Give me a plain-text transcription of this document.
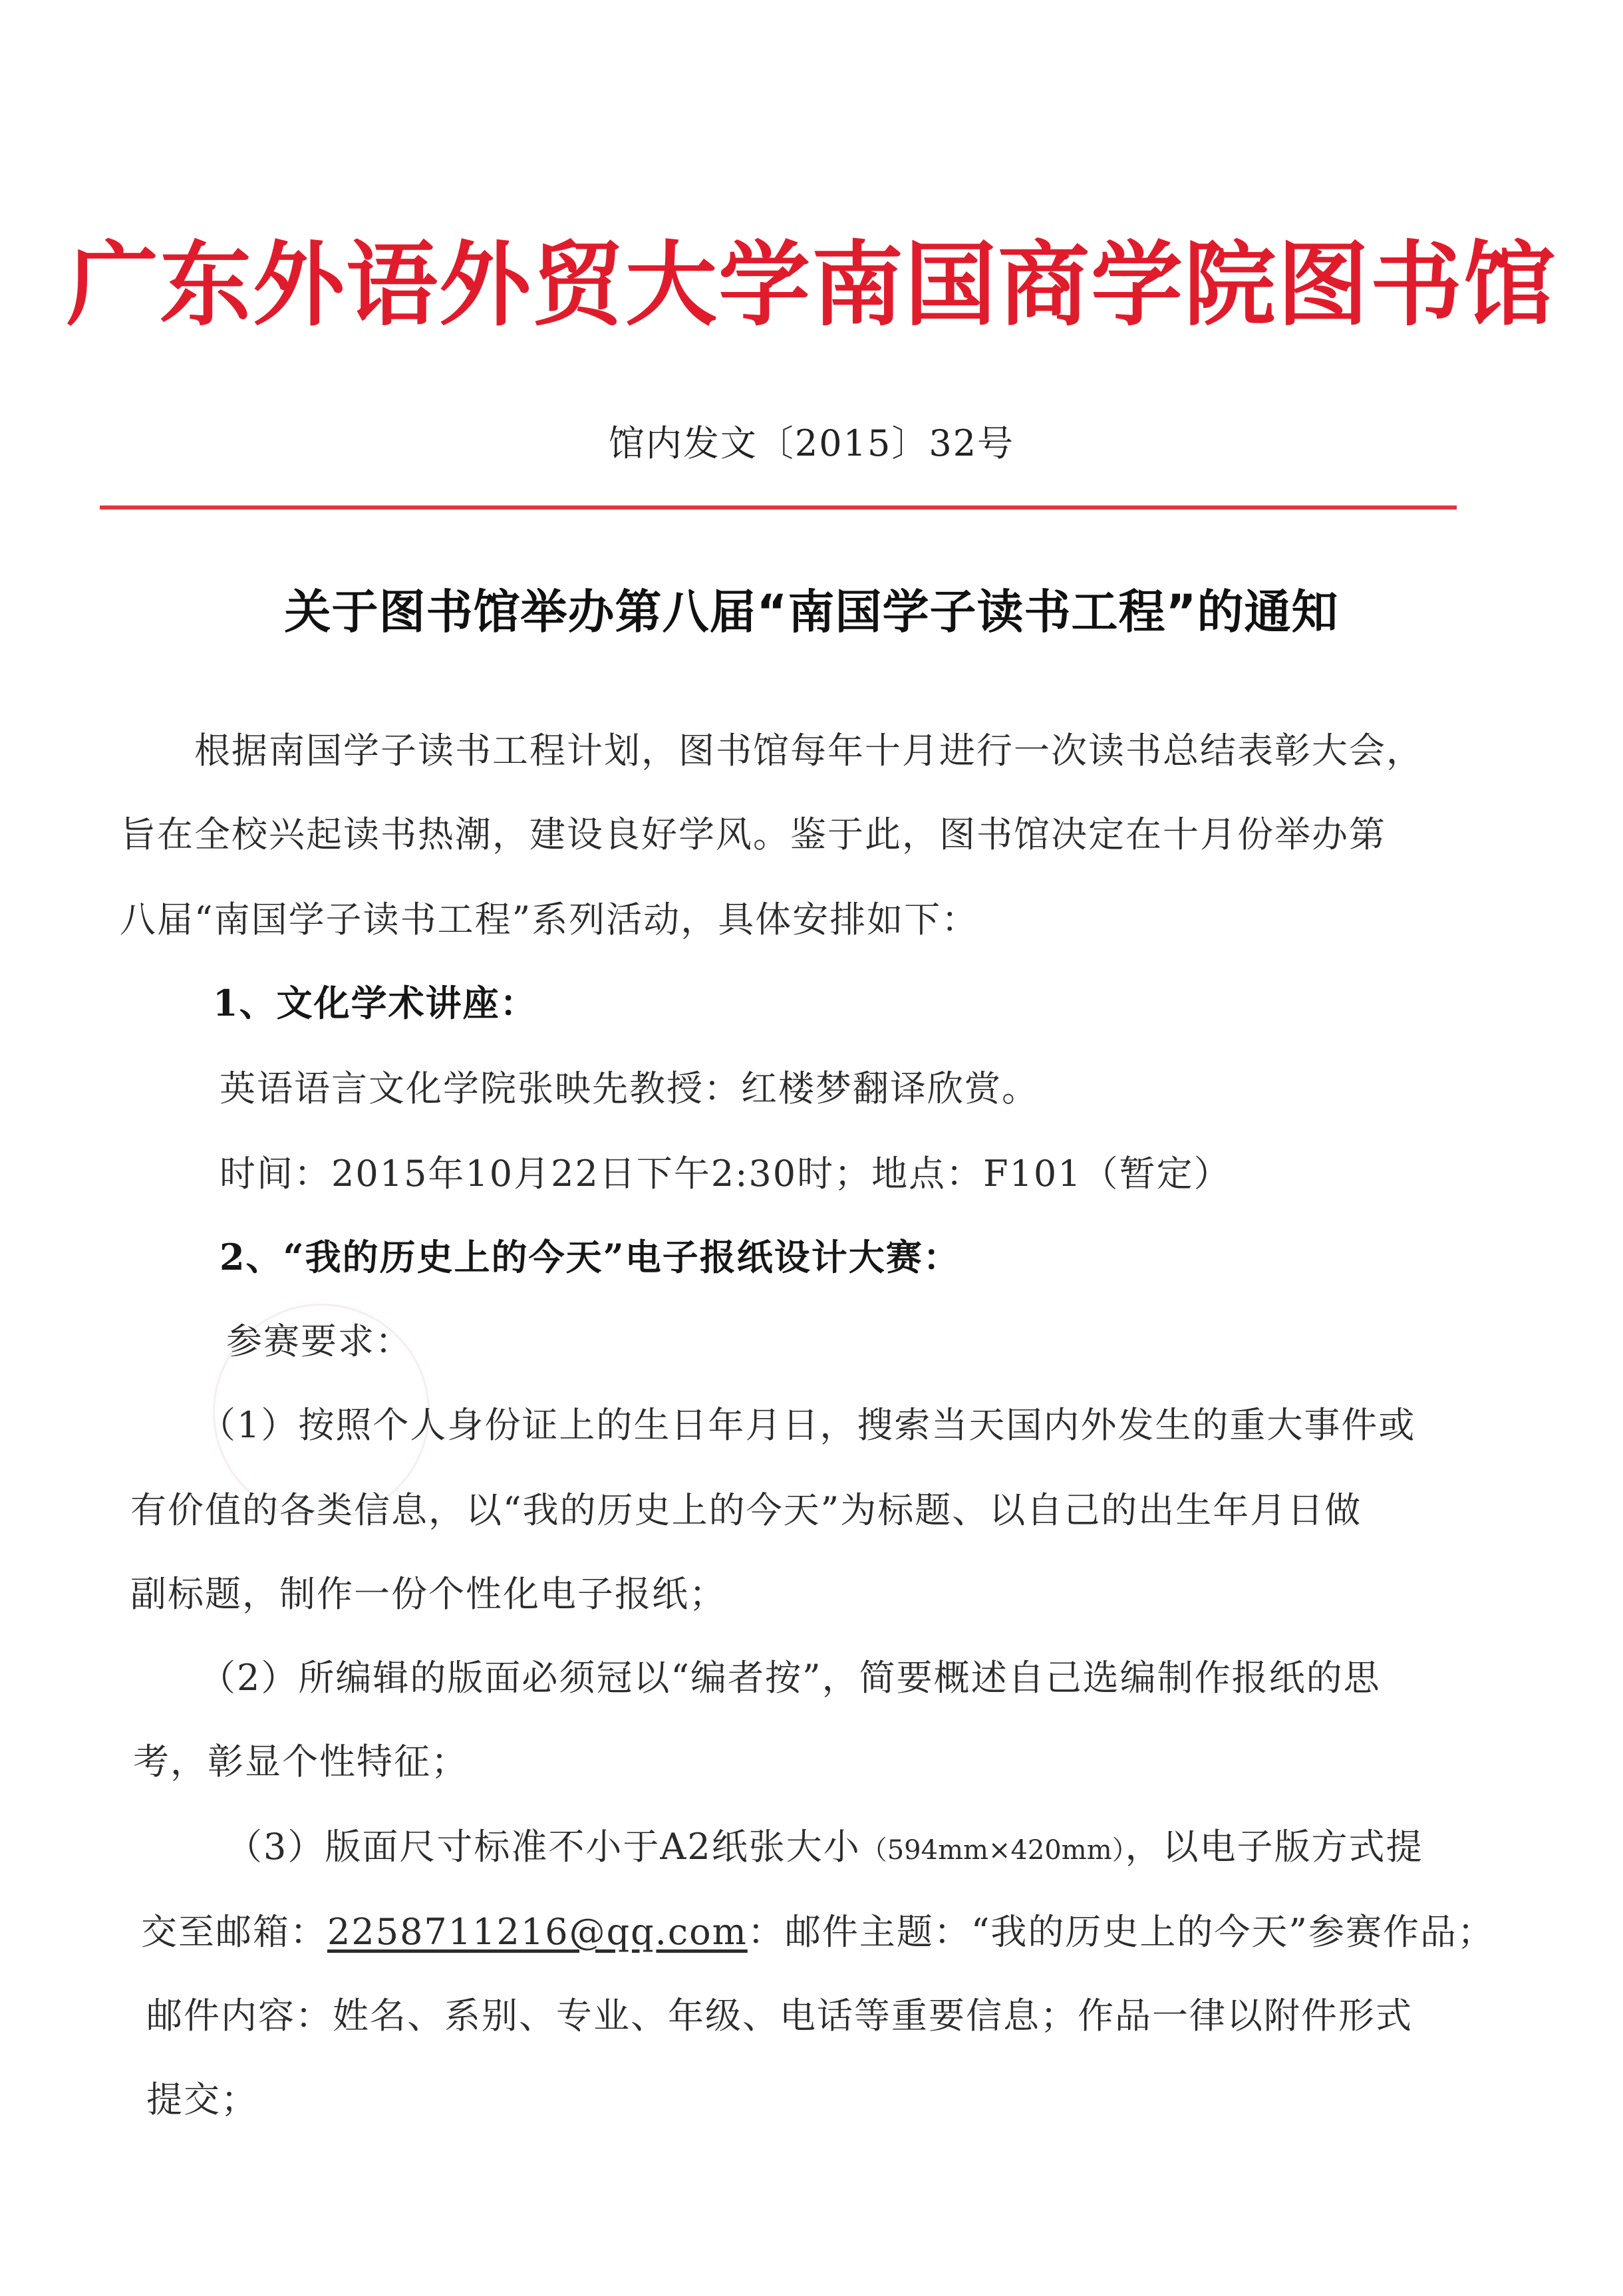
广东外语外贸大学南国商学院图书馆
馆内发文〔2015〕32号
关于图书馆举办第八届“南国学子读书工程”的通知
根据南国学子读书工程计划，图书馆每年十月进行一次读书总结表彰大会，
旨在全校兴起读书热潮，建设良好学风。鉴于此，图书馆决定在十月份举办第
八届“南国学子读书工程”系列活动，具体安排如下：
1、文化学术讲座：
英语语言文化学院张映先教授：红楼梦翻译欣赏。
时间：2015年10月22日下午2:30时；地点：F101（暂定）
2、“我的历史上的今天”电子报纸设计大赛：
参赛要求：
（1）按照个人身份证上的生日年月日，搜索当天国内外发生的重大事件或
有价值的各类信息，以“我的历史上的今天”为标题、以自己的出生年月日做
副标题，制作一份个性化电子报纸；
（2）所编辑的版面必须冠以“编者按”，简要概述自己选编制作报纸的思
考，彰显个性特征；
（3）版面尺寸标准不小于A2纸张大小（594mm×420mm），以电子版方式提
交至邮箱：2258711216@qq.com：邮件主题：“我的历史上的今天”参赛作品；
邮件内容：姓名、系别、专业、年级、电话等重要信息；作品一律以附件形式
提交；
